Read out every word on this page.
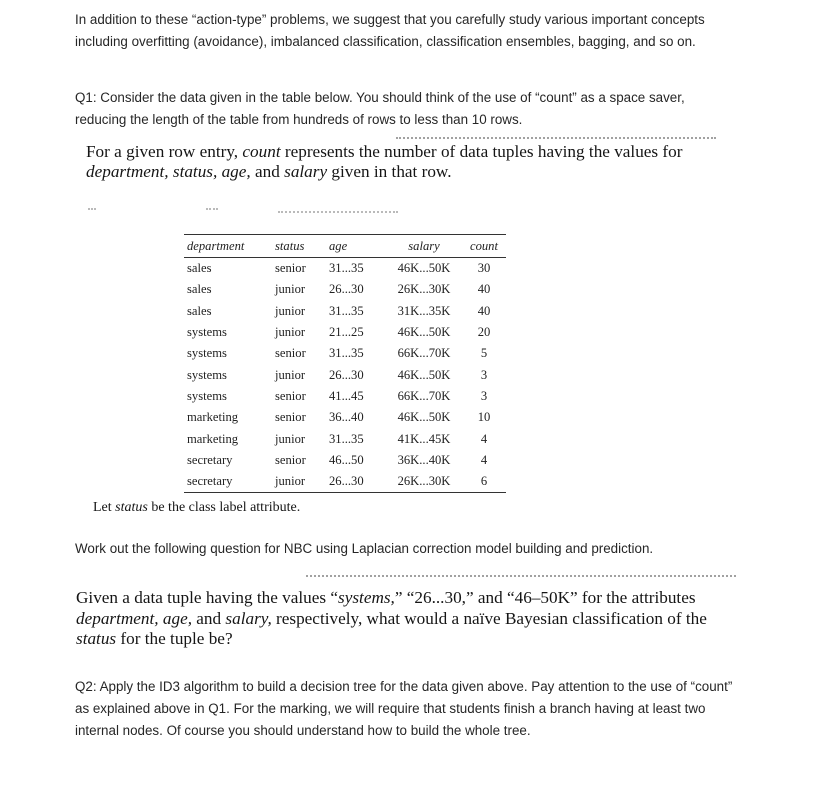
In addition to these “action-type” problems, we suggest that you carefully study various important concepts including overfitting (avoidance), imbalanced classification, classification ensembles, bagging, and so on.

Q1: Consider the data given in the table below. You should think of the use of “count” as a space saver, reducing the length of the table from hundreds of rows to less than 10 rows.

For a given row entry, count represents the number of data tuples having the values for department, status, age, and salary given in that row.
department	status	age	salary	count
sales	senior	31...35	46K...50K	30
sales	junior	26...30	26K...30K	40
sales	junior	31...35	31K...35K	40
systems	junior	21...25	46K...50K	20
systems	senior	31...35	66K...70K	5
systems	junior	26...30	46K...50K	3
systems	senior	41...45	66K...70K	3
marketing	senior	36...40	46K...50K	10
marketing	junior	31...35	41K...45K	4
secretary	senior	46...50	36K...40K	4
secretary	junior	26...30	26K...30K	6

Let status be the class label attribute.

Work out the following question for NBC using Laplacian correction model building and prediction.

Given a data tuple having the values “systems,” “26...30,” and “46–50K” for the attributes department, age, and salary, respectively, what would a naïve Bayesian classification of the status for the tuple be?

Q2: Apply the ID3 algorithm to build a decision tree for the data given above. Pay attention to the use of “count” as explained above in Q1. For the marking, we will require that students finish a branch having at least two internal nodes. Of course you should understand how to build the whole tree.
